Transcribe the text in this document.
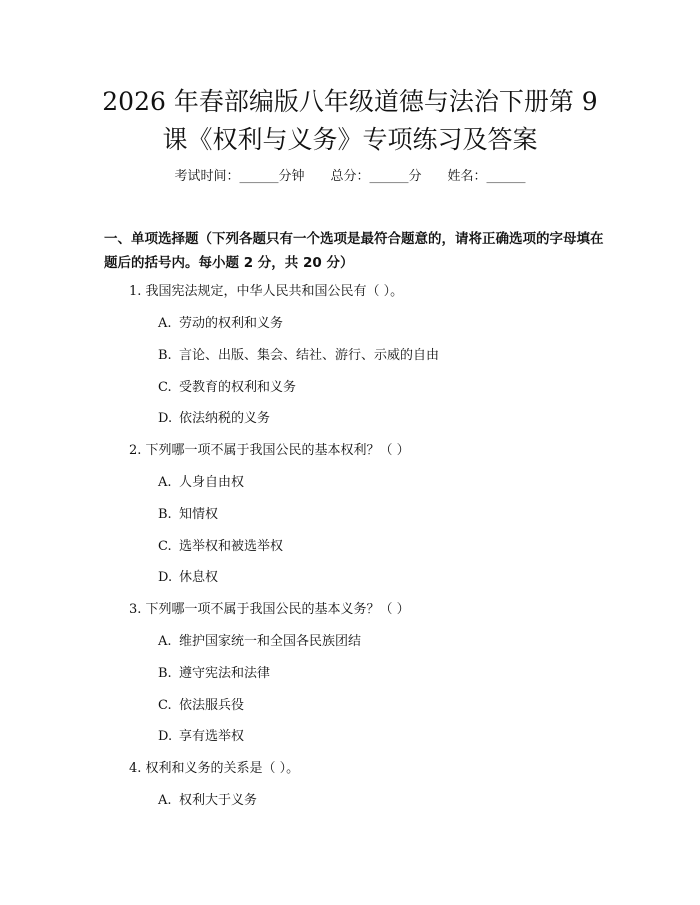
2026 年春部编版八年级道德与法治下册第 9
课《权利与义务》专项练习及答案
考试时间：______分钟 总分：______分 姓名：______
一、单项选择题（下列各题只有一个选项是最符合题意的，请将正确选项的字母填在题后的括号内。每小题 2 分，共 20 分）
1. 我国宪法规定，中华人民共和国公民有（ ）。
A. 劳动的权利和义务
B. 言论、出版、集会、结社、游行、示威的自由
C. 受教育的权利和义务
D. 依法纳税的义务
2. 下列哪一项不属于我国公民的基本权利？（ ）
A. 人身自由权
B. 知情权
C. 选举权和被选举权
D. 休息权
3. 下列哪一项不属于我国公民的基本义务？（ ）
A. 维护国家统一和全国各民族团结
B. 遵守宪法和法律
C. 依法服兵役
D. 享有选举权
4. 权利和义务的关系是（ ）。
A. 权利大于义务
